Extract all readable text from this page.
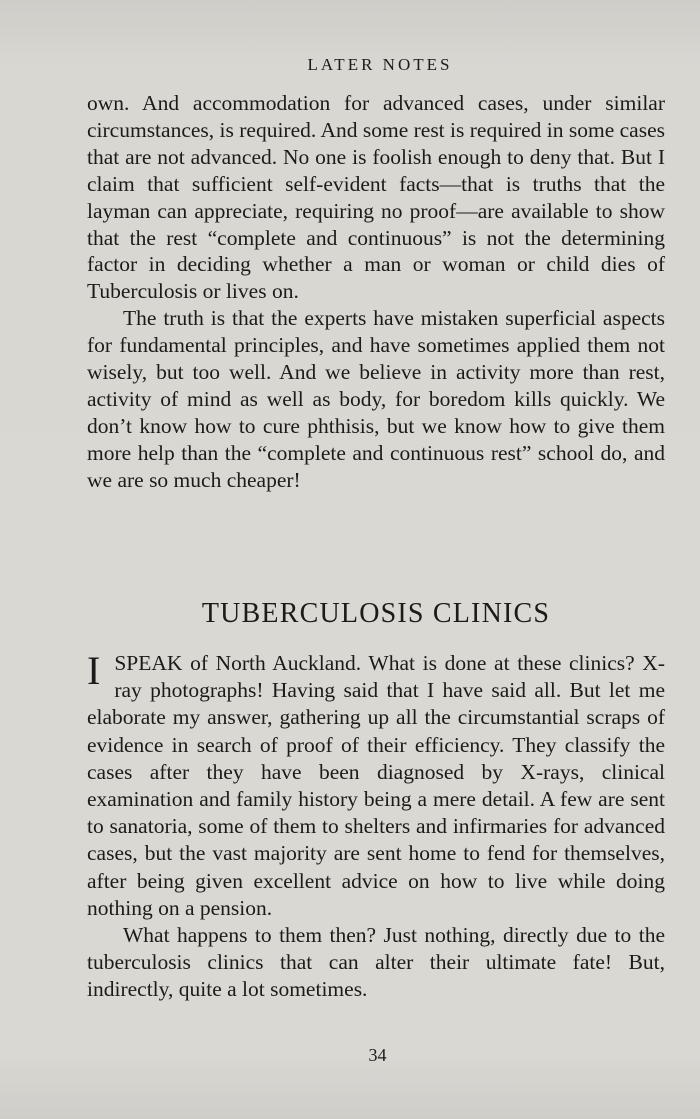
LATER NOTES

own. And accommodation for advanced cases, under similar circumstances, is required. And some rest is required in some cases that are not advanced. No one is foolish enough to deny that. But I claim that sufficient self-evident facts—that is truths that the layman can appreciate, requiring no proof—are available to show that the rest “complete and continuous” is not the determining factor in deciding whether a man or woman or child dies of Tuberculosis or lives on.

The truth is that the experts have mistaken superficial aspects for fundamental principles, and have sometimes applied them not wisely, but too well. And we believe in activity more than rest, activity of mind as well as body, for boredom kills quickly. We don’t know how to cure phthisis, but we know how to give them more help than the “complete and continuous rest” school do, and we are so much cheaper!

TUBERCULOSIS CLINICS

ISPEAK of North Auckland. What is done at these clinics? X-ray photographs! Having said that I have said all. But let me elaborate my answer, gathering up all the circumstantial scraps of evidence in search of proof of their efficiency. They classify the cases after they have been diagnosed by X-rays, clinical examination and family history being a mere detail. A few are sent to sanatoria, some of them to shelters and infirmaries for advanced cases, but the vast majority are sent home to fend for themselves, after being given excellent advice on how to live while doing nothing on a pension.

What happens to them then? Just nothing, directly due to the tuberculosis clinics that can alter their ultimate fate! But, indirectly, quite a lot sometimes.

34
